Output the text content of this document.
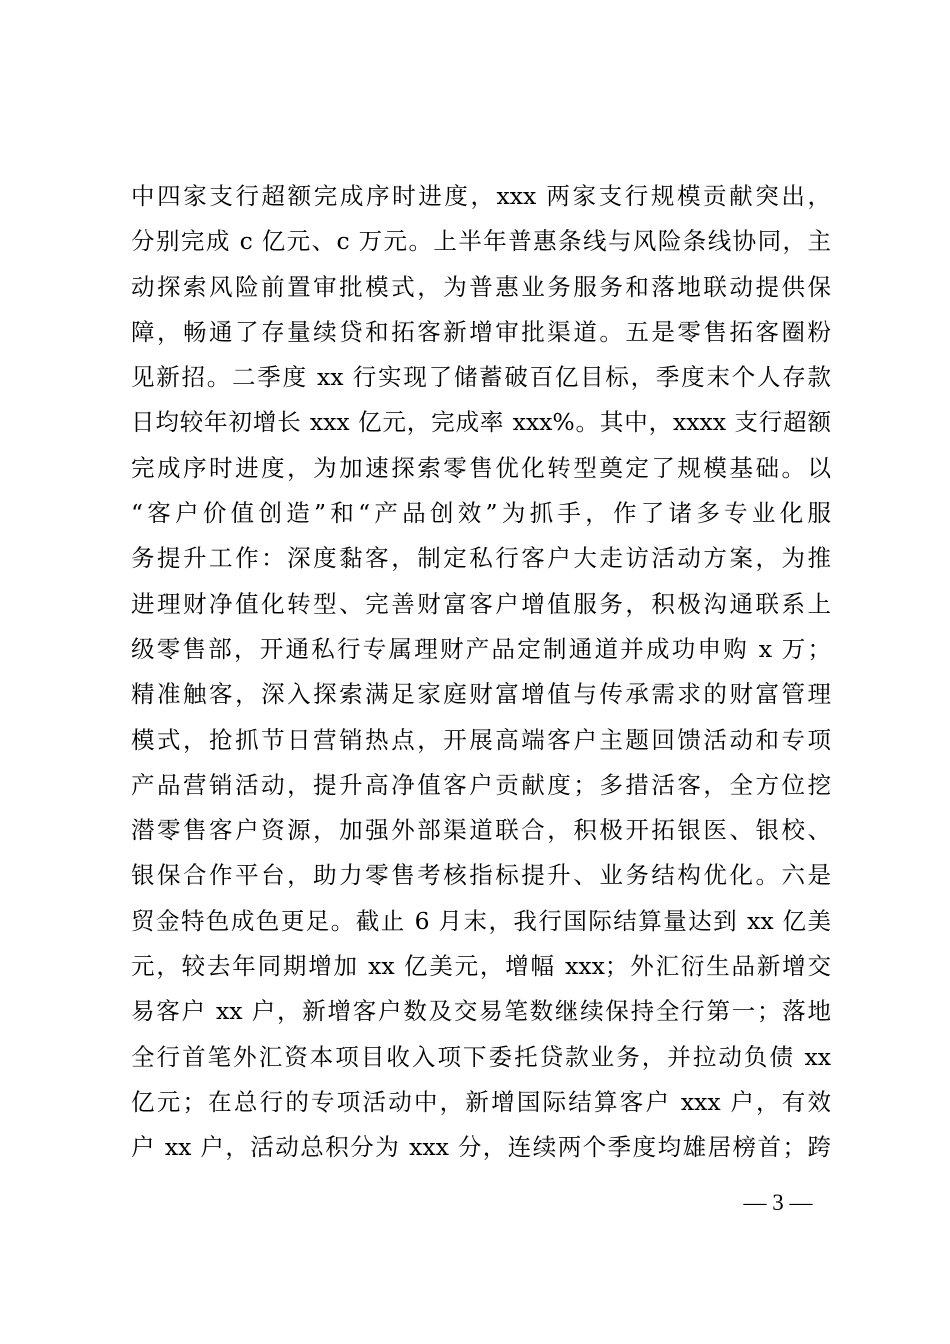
中四家支行超额完成序时进度，xxx 两家支行规模贡献突出，
分别完成 c 亿元、c 万元。上半年普惠条线与风险条线协同，主
动探索风险前置审批模式，为普惠业务服务和落地联动提供保
障，畅通了存量续贷和拓客新增审批渠道。五是零售拓客圈粉
见新招。二季度 xx 行实现了储蓄破百亿目标，季度末个人存款
日均较年初增长 xxx 亿元，完成率 xxx%。其中，xxxx 支行超额
完成序时进度，为加速探索零售优化转型奠定了规模基础。以
“客户价值创造”和“产品创效”为抓手，作了诸多专业化服
务提升工作：深度黏客，制定私行客户大走访活动方案，为推
进理财净值化转型、完善财富客户增值服务，积极沟通联系上
级零售部，开通私行专属理财产品定制通道并成功申购 x 万；
精准触客，深入探索满足家庭财富增值与传承需求的财富管理
模式，抢抓节日营销热点，开展高端客户主题回馈活动和专项
产品营销活动，提升高净值客户贡献度；多措活客，全方位挖
潜零售客户资源，加强外部渠道联合，积极开拓银医、银校、
银保合作平台，助力零售考核指标提升、业务结构优化。六是
贸金特色成色更足。截止 6 月末，我行国际结算量达到 xx 亿美
元，较去年同期增加 xx 亿美元，增幅 xxx；外汇衍生品新增交
易客户 xx 户，新增客户数及交易笔数继续保持全行第一；落地
全行首笔外汇资本项目收入项下委托贷款业务，并拉动负债 xx
亿元；在总行的专项活动中，新增国际结算客户 xxx 户，有效
户 xx 户，活动总积分为 xxx 分，连续两个季度均雄居榜首；跨
— 3 —
